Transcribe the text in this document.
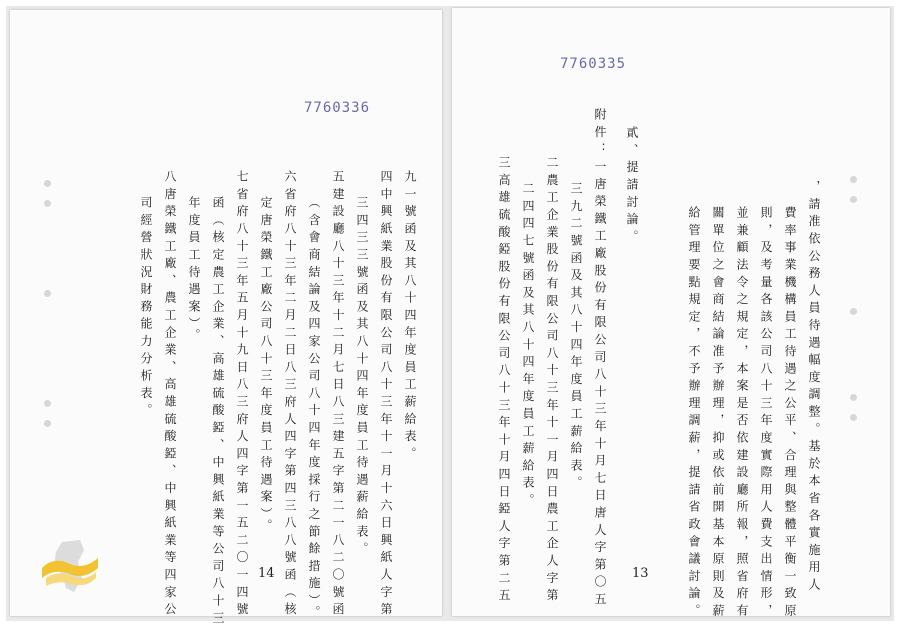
7760336
九一號函及其八十四年度員工薪給表。
四中興紙業股份有限公司八十三年十一月十六日興紙人字第
三四三三號函及其八十四年度員工待遇薪給表。
五建設廳八十三年十二月七日八三建五字第二一八二〇號函
（含會商結論及四家公司八十四年度採行之節餘措施）。
六省府八十三年二月二日八三府人四字第四三八八號函（核
定唐榮鐵工廠公司八十三年度員工待遇案）。
七省府八十三年五月十九日八三府人四字第一五二〇一四號
函（核定農工企業、高雄硫酸錏、中興紙業等公司八十三
年度員工待遇案）。
八唐榮鐵工廠、農工企業、高雄硫酸錏、中興紙業等四家公
司經營狀況財務能力分析表。
14
7760335
，請准依公務人員待遇幅度調整。基於本省各實施用人
費率事業機構員工待遇之公平、合理與整體平衡一致原
則，及考量各該公司八十三年度實際用人費支出情形，
並兼顧法令之規定，本案是否依建設廳所報，照省府有
關單位之會商結論准予辦理，抑或依前開基本原則及薪
給管理要點規定，不予辦理調薪，提請省政會議討論。
貳、提請討論。
附件：一唐榮鐵工廠股份有限公司八十三年十月七日唐人字第〇五
三九二號函及其八十四年度員工薪給表。
二農工企業股份有限公司八十三年十一月四日農工企人字第
二四四七號函及其八十四年度員工薪給表。
三高雄硫酸錏股份有限公司八十三年十月四日錏人字第二五	13
